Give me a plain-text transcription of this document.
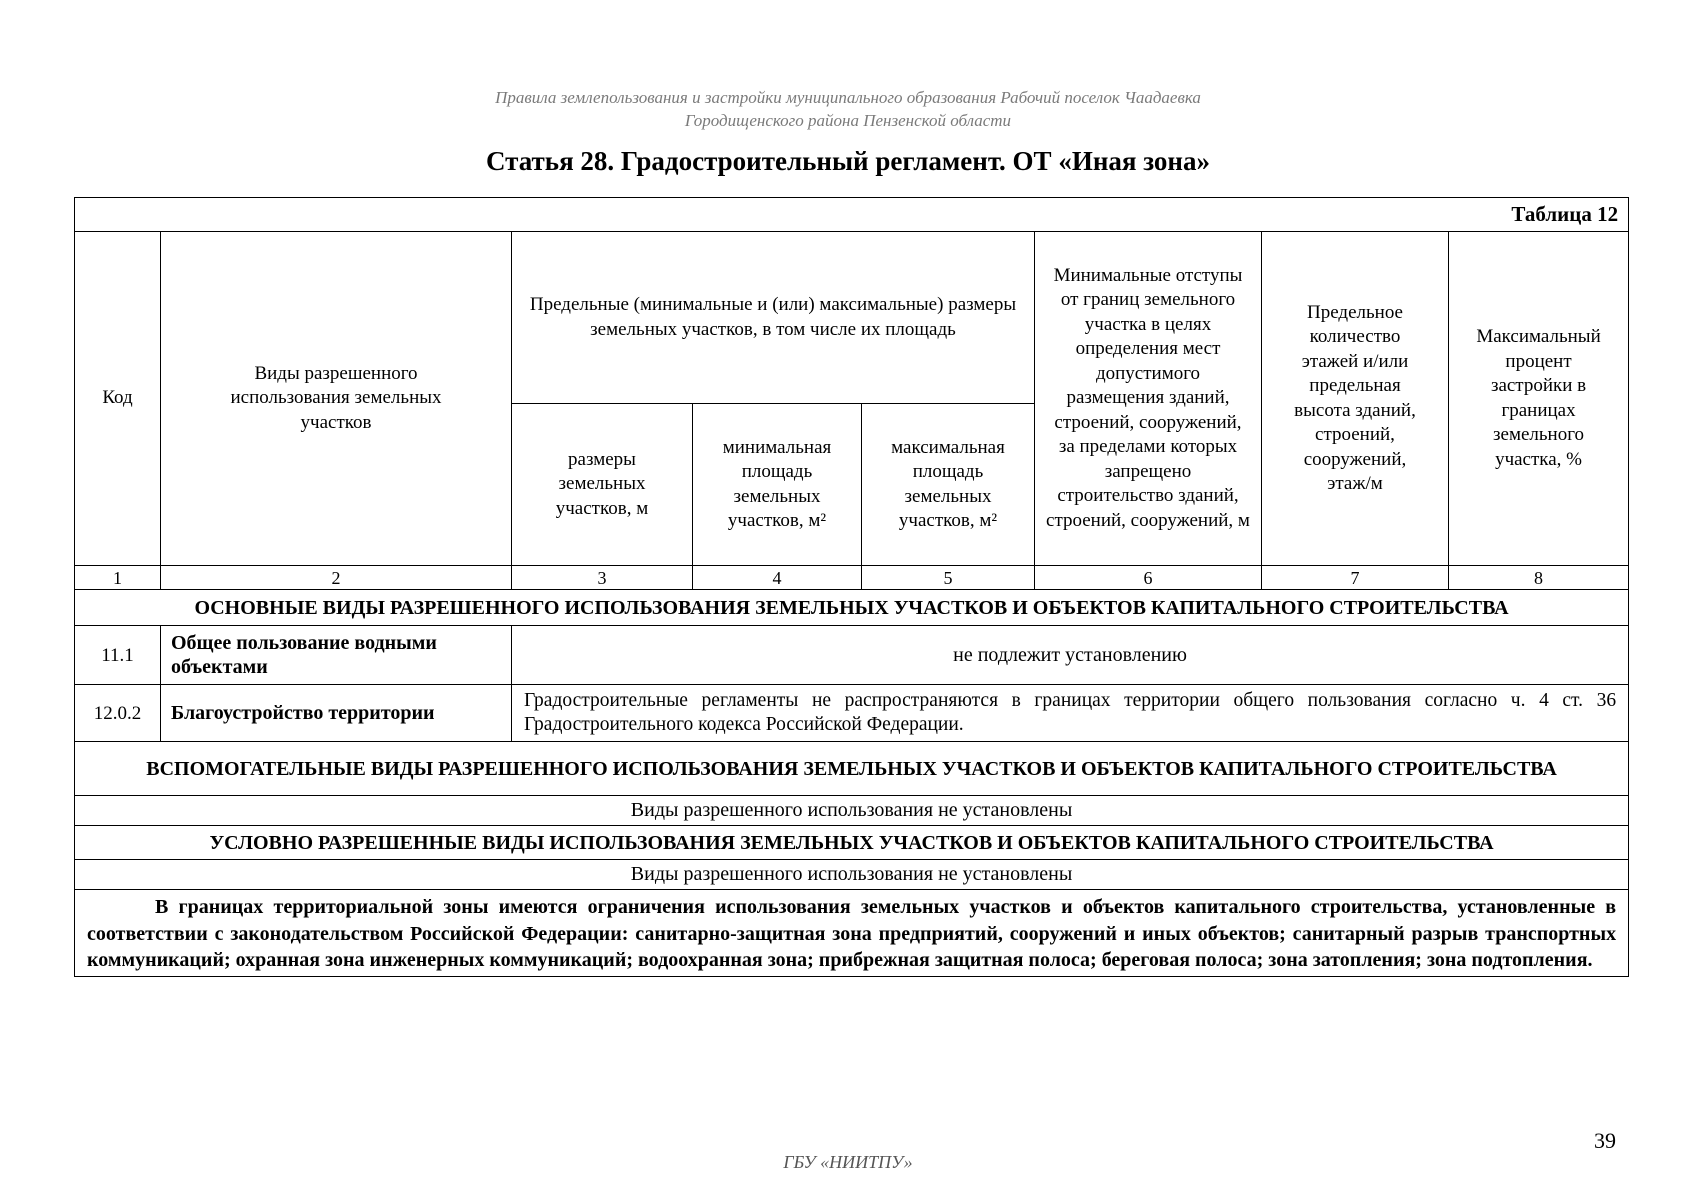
Правила землепользования и застройки муниципального образования Рабочий поселок Чаадаевка
Городищенского района Пензенской области
Статья 28. Градостроительный регламент. ОТ «Иная зона»
Таблица 12							
Код	Виды разрешенного использования земельных участков	Предельные (минимальные и (или) максимальные) размеры земельных участков, в том числе их площадь			Минимальные отступы от границ земельного участка в целях определения мест допустимого размещения зданий, строений, сооружений, за пределами которых запрещено строительство зданий, строений, сооружений, м	Предельное количество этажей и/или предельная высота зданий, строений, сооружений, этаж/м	Максимальный процент застройки в границах земельного участка, %
		размеры земельных участков, м	минимальная площадь земельных участков, м²	максимальная площадь земельных участков, м²			
1	2	3	4	5	6	7	8
ОСНОВНЫЕ ВИДЫ РАЗРЕШЕННОГО ИСПОЛЬЗОВАНИЯ ЗЕМЕЛЬНЫХ УЧАСТКОВ И ОБЪЕКТОВ КАПИТАЛЬНОГО СТРОИТЕЛЬСТВА							
11.1	Общее пользование водными объектами	не подлежит установлению					
12.0.2	Благоустройство территории	Градостроительные регламенты не распространяются в границах территории общего пользования согласно ч. 4 ст. 36 Градостроительного кодекса Российской Федерации.					
ВСПОМОГАТЕЛЬНЫЕ ВИДЫ РАЗРЕШЕННОГО ИСПОЛЬЗОВАНИЯ ЗЕМЕЛЬНЫХ УЧАСТКОВ И ОБЪЕКТОВ КАПИТАЛЬНОГО СТРОИТЕЛЬСТВА							
Виды разрешенного использования не установлены							
УСЛОВНО РАЗРЕШЕННЫЕ ВИДЫ ИСПОЛЬЗОВАНИЯ ЗЕМЕЛЬНЫХ УЧАСТКОВ И ОБЪЕКТОВ КАПИТАЛЬНОГО СТРОИТЕЛЬСТВА							
Виды разрешенного использования не установлены							
В границах территориальной зоны имеются ограничения использования земельных участков и объектов капитального строительства, установленные в соответствии с законодательством Российской Федерации: санитарно-защитная зона предприятий, сооружений и иных объектов; санитарный разрыв транспортных коммуникаций; охранная зона инженерных коммуникаций; водоохранная зона; прибрежная защитная полоса; береговая полоса; зона затопления; зона подтопления.							
39
ГБУ «НИИТПУ»
